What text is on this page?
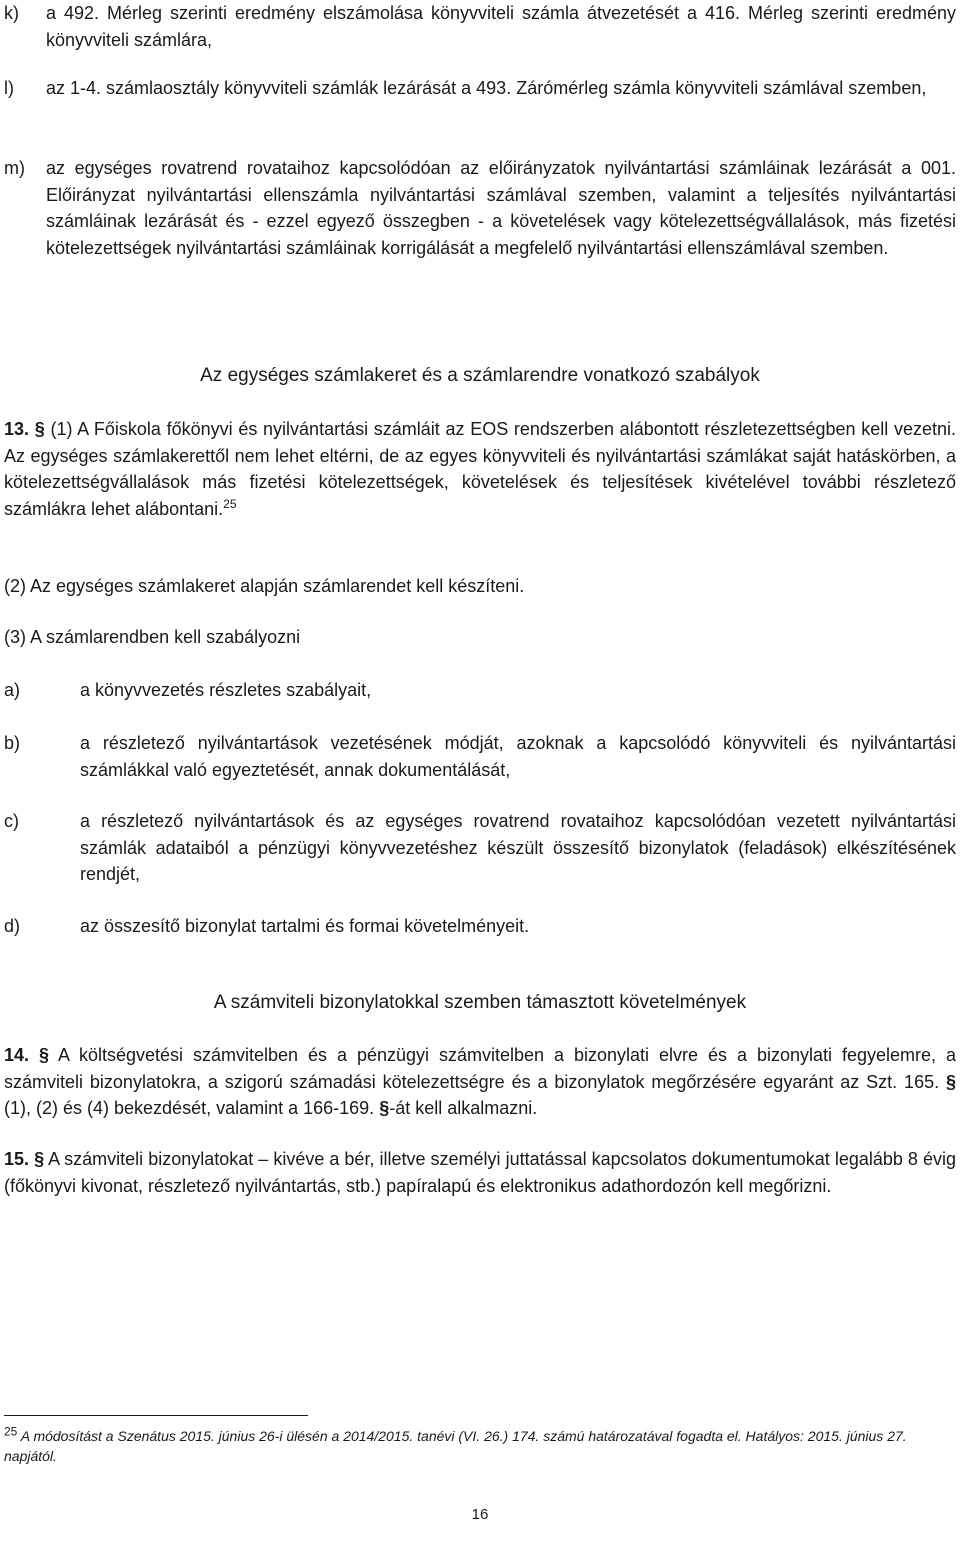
k)	a 492. Mérleg szerinti eredmény elszámolása könyvviteli számla átvezetését a 416. Mérleg szerinti eredmény könyvviteli számlára,
l)	az 1-4. számlaosztály könyvviteli számlák lezárását a 493. Zárómérleg számla könyvviteli számlával szemben,
m)	az egységes rovatrend rovataihoz kapcsolódóan az előirányzatok nyilvántartási számláinak lezárását a 001. Előirányzat nyilvántartási ellenszámla nyilvántartási számlával szemben, valamint a teljesítés nyilvántartási számláinak lezárását és - ezzel egyező összegben - a követelések vagy kötelezettségvállalások, más fizetési kötelezettségek nyilvántartási számláinak korrigálását a megfelelő nyilvántartási ellenszámlával szemben.
Az egységes számlakeret és a számlarendre vonatkozó szabályok
13. § (1) A Főiskola főkönyvi és nyilvántartási számláit az EOS rendszerben alábontott részletezettségben kell vezetni. Az egységes számlakerettől nem lehet eltérni, de az egyes könyvviteli és nyilvántartási számlákat saját hatáskörben, a kötelezettségvállalások más fizetési kötelezettségek, követelések és teljesítések kivételével további részletező számlákra lehet alábontani.$^{25}$
(2) Az egységes számlakeret alapján számlarendet kell készíteni.
(3) A számlarendben kell szabályozni
a)	a könyvvezetés részletes szabályait,
b)	a részletező nyilvántartások vezetésének módját, azoknak a kapcsolódó könyvviteli és nyilvántartási számlákkal való egyeztetését, annak dokumentálását,
c)	a részletező nyilvántartások és az egységes rovatrend rovataihoz kapcsolódóan vezetett nyilvántartási számlák adataiból a pénzügyi könyvvezetéshez készült összesítő bizonylatok (feladások) elkészítésének rendjét,
d)	az összesítő bizonylat tartalmi és formai követelményeit.
A számviteli bizonylatokkal szemben támasztott követelmények
14. § A költségvetési számvitelben és a pénzügyi számvitelben a bizonylati elvre és a bizonylati fegyelemre, a számviteli bizonylatokra, a szigorú számadási kötelezettségre és a bizonylatok megőrzésére egyaránt az Szt. 165. § (1), (2) és (4) bekezdését, valamint a 166-169. §-át kell alkalmazni.
15. § A számviteli bizonylatokat – kivéve a bér, illetve személyi juttatással kapcsolatos dokumentumokat legalább 8 évig (főkönyvi kivonat, részletező nyilvántartás, stb.) papíralapú és elektronikus adathordozón kell megőrizni.
$^{25}$ A módosítást a Szenátus 2015. június 26-i ülésén a 2014/2015. tanévi (VI. 26.) 174. számú határozatával fogadta el. Hatályos: 2015. június 27. napjától.
16
